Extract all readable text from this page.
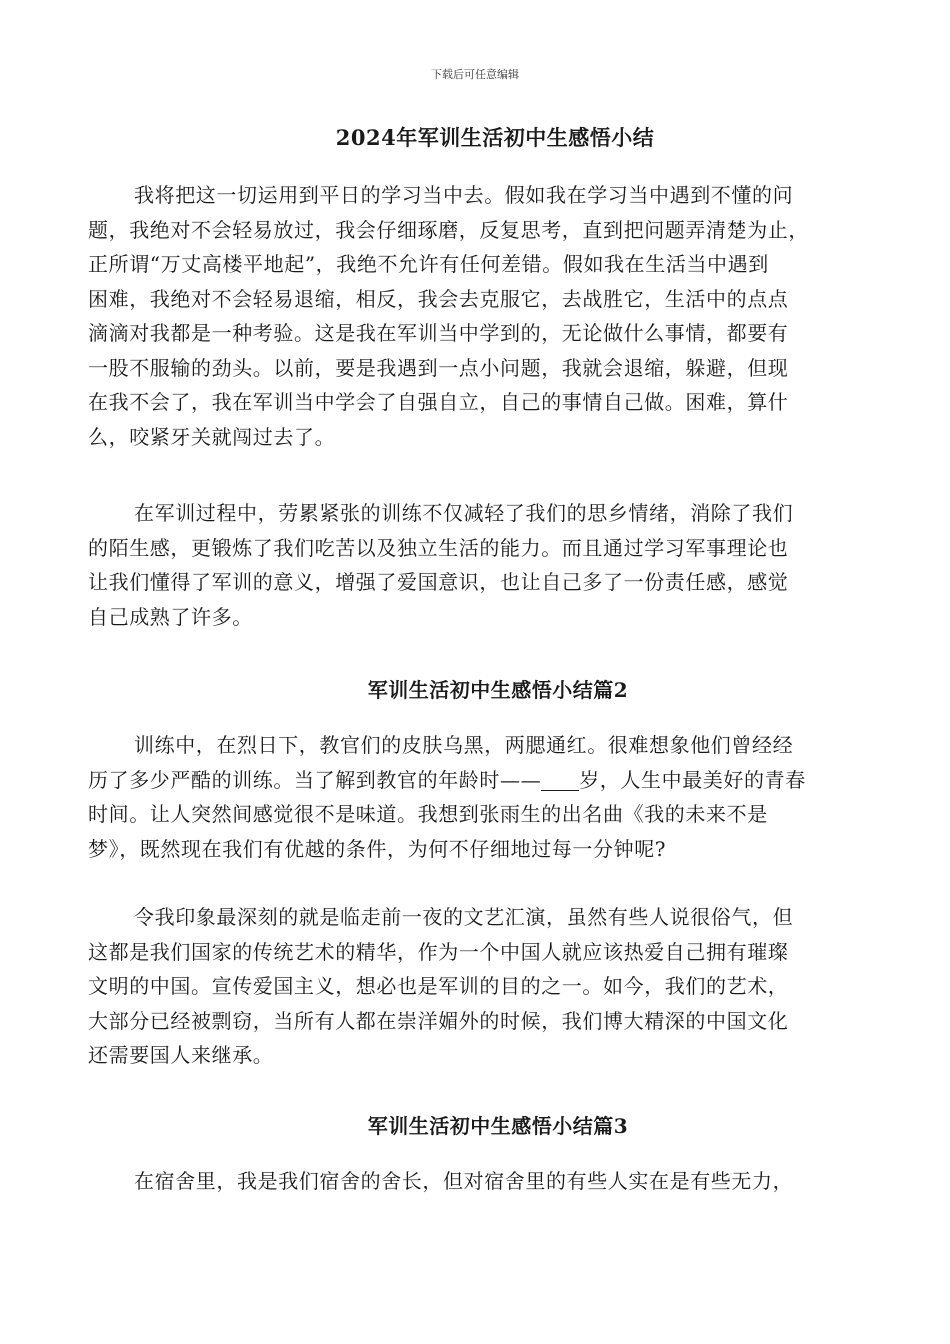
下载后可任意编辑
2024年军训生活初中生感悟小结

我将把这一切运用到平日的学习当中去。假如我在学习当中遇到不懂的问
题，我绝对不会轻易放过，我会仔细琢磨，反复思考，直到把问题弄清楚为止，
正所谓“万丈高楼平地起”，我绝不允许有任何差错。假如我在生活当中遇到
困难，我绝对不会轻易退缩，相反，我会去克服它，去战胜它，生活中的点点
滴滴对我都是一种考验。这是我在军训当中学到的，无论做什么事情，都要有
一股不服输的劲头。以前，要是我遇到一点小问题，我就会退缩，躲避，但现
在我不会了，我在军训当中学会了自强自立，自己的事情自己做。困难，算什
么，咬紧牙关就闯过去了。

在军训过程中，劳累紧张的训练不仅减轻了我们的思乡情绪，消除了我们
的陌生感，更锻炼了我们吃苦以及独立生活的能力。而且通过学习军事理论也
让我们懂得了军训的意义，增强了爱国意识，也让自己多了一份责任感，感觉
自己成熟了许多。

军训生活初中生感悟小结篇2

训练中，在烈日下，教官们的皮肤乌黑，两腮通红。很难想象他们曾经经
历了多少严酷的训练。当了解到教官的年龄时—— 岁，人生中最美好的青春
时间。让人突然间感觉很不是味道。我想到张雨生的出名曲《我的未来不是
梦》，既然现在我们有优越的条件，为何不仔细地过每一分钟呢?

令我印象最深刻的就是临走前一夜的文艺汇演，虽然有些人说很俗气，但
这都是我们国家的传统艺术的精华，作为一个中国人就应该热爱自己拥有璀璨
文明的中国。宣传爱国主义，想必也是军训的目的之一。如今，我们的艺术，
大部分已经被剽窃，当所有人都在崇洋媚外的时候，我们博大精深的中国文化
还需要国人来继承。

军训生活初中生感悟小结篇3

在宿舍里，我是我们宿舍的舍长，但对宿舍里的有些人实在是有些无力，
